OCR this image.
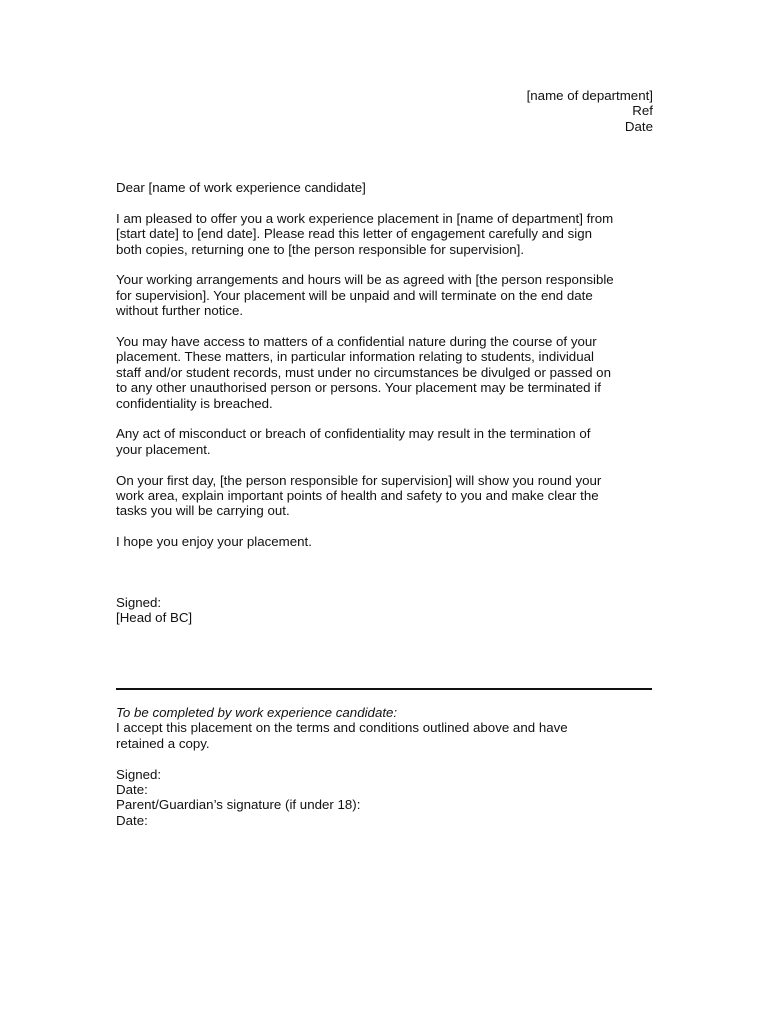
[name of department]
Ref
Date

Dear [name of work experience candidate]

I am pleased to offer you a work experience placement in [name of department] from
[start date] to [end date]. Please read this letter of engagement carefully and sign
both copies, returning one to [the person responsible for supervision].

Your working arrangements and hours will be as agreed with [the person responsible
for supervision]. Your placement will be unpaid and will terminate on the end date
without further notice.

You may have access to matters of a confidential nature during the course of your
placement. These matters, in particular information relating to students, individual
staff and/or student records, must under no circumstances be divulged or passed on
to any other unauthorised person or persons. Your placement may be terminated if
confidentiality is breached.

Any act of misconduct or breach of confidentiality may result in the termination of
your placement.

On your first day, [the person responsible for supervision] will show you round your
work area, explain important points of health and safety to you and make clear the
tasks you will be carrying out.

I hope you enjoy your placement.

Signed:
[Head of BC]
To be completed by work experience candidate:
I accept this placement on the terms and conditions outlined above and have
retained a copy.

Signed:
Date:
Parent/Guardian’s signature (if under 18):
Date:
